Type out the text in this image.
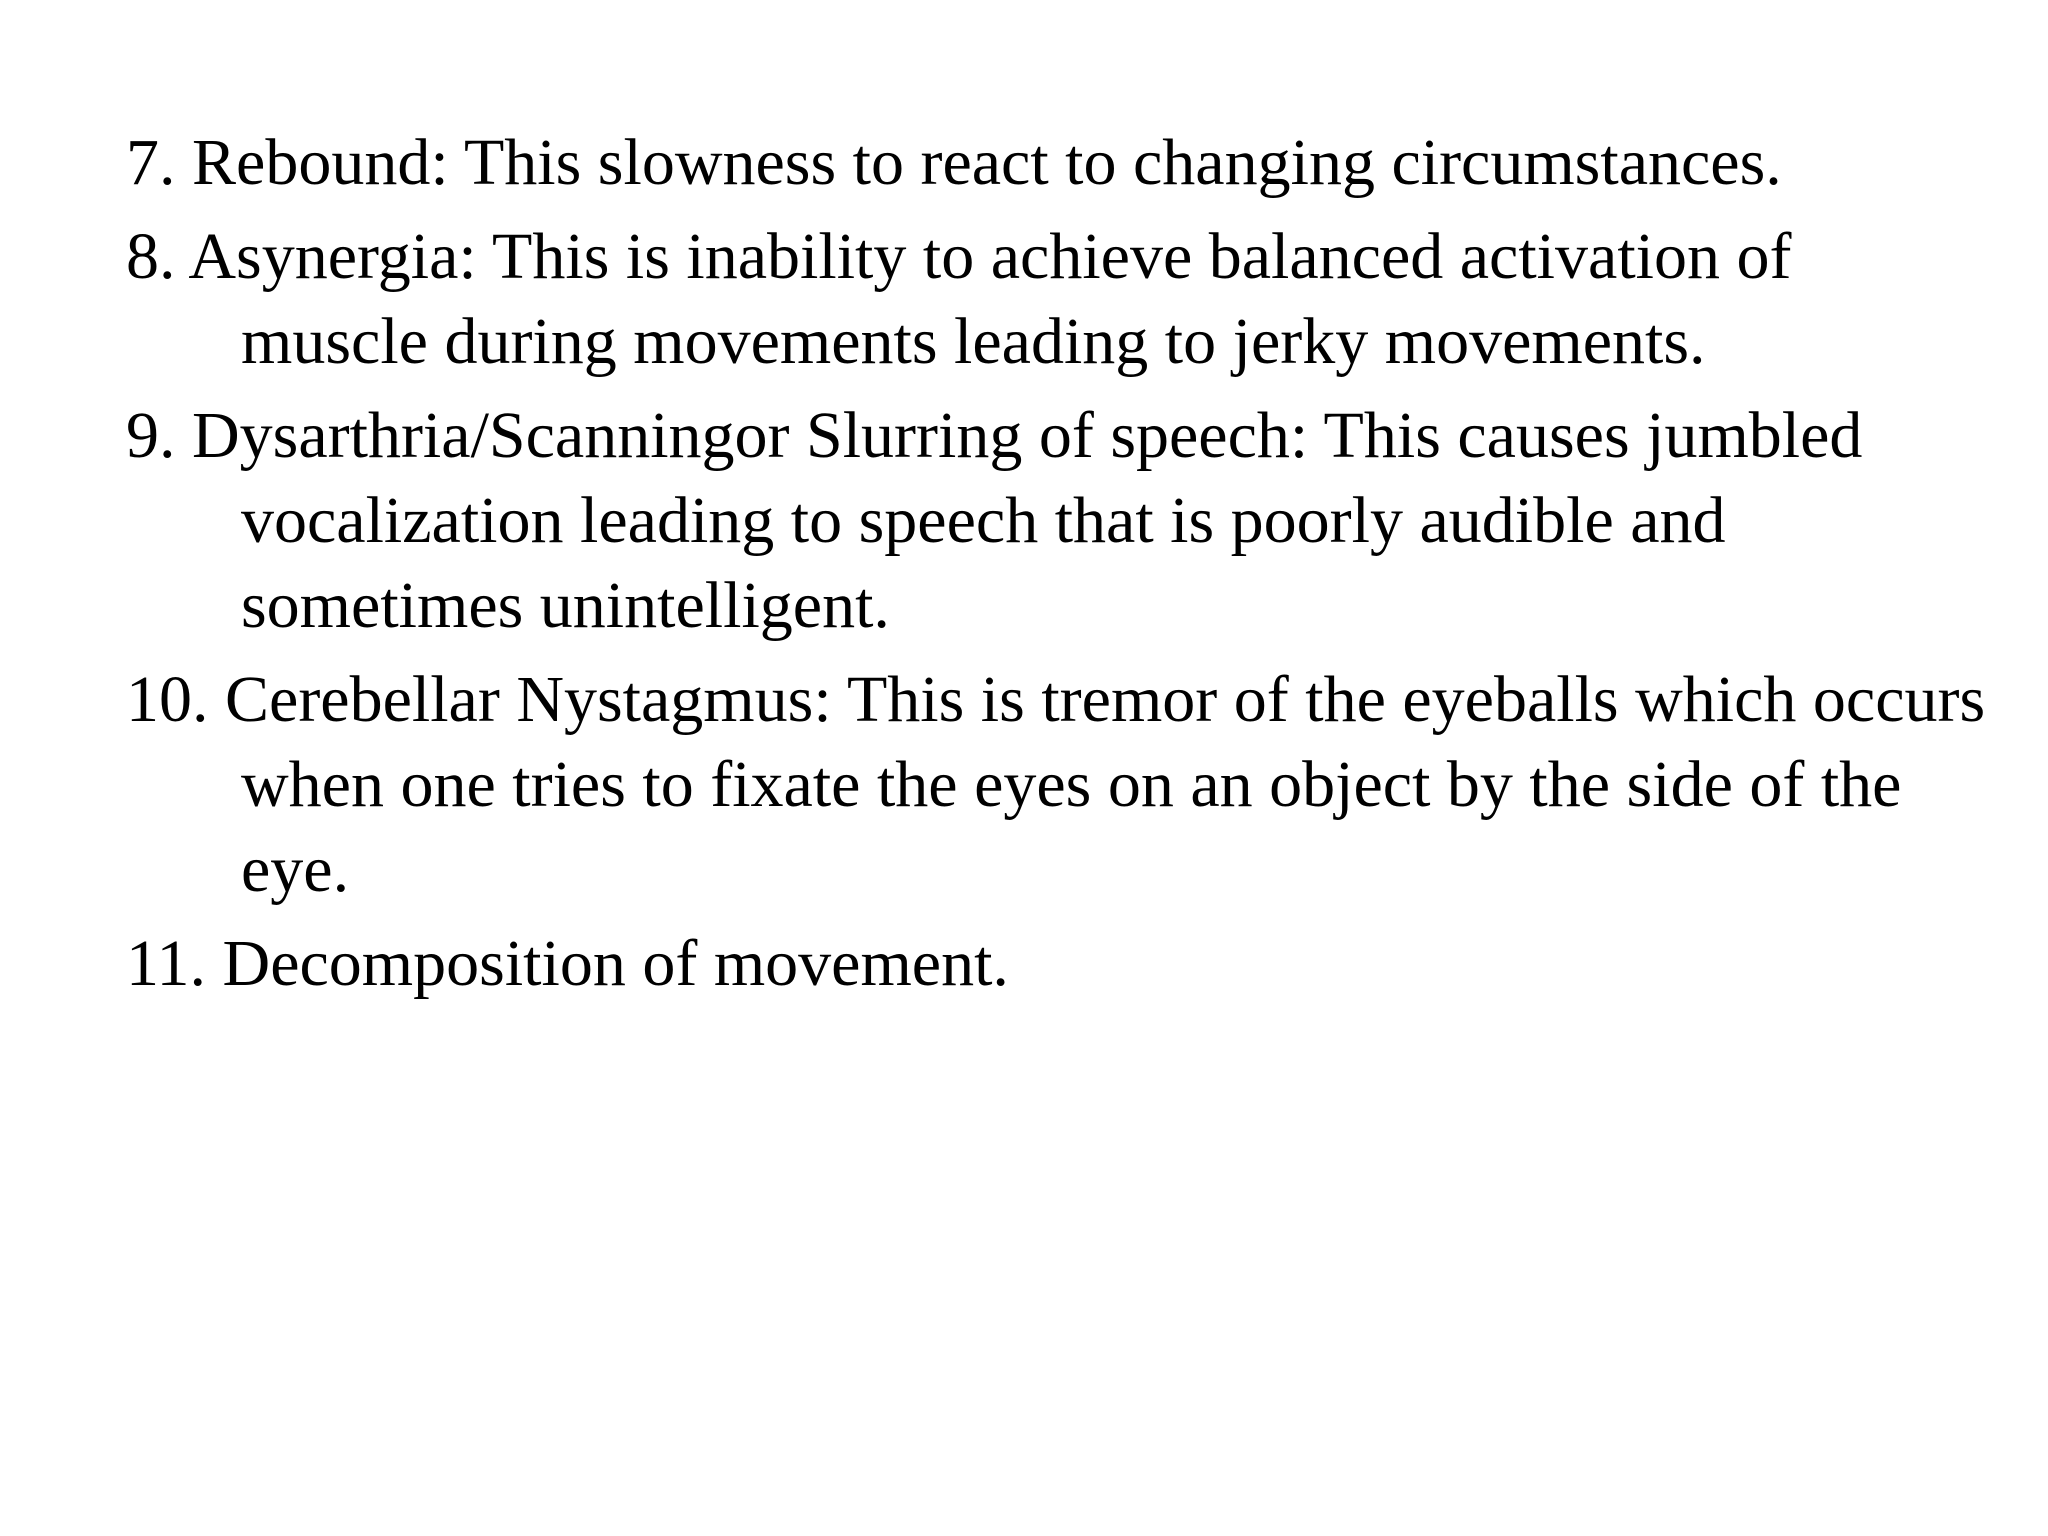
7. Rebound: This slowness to react to changing circumstances.
8. Asynergia: This is inability to achieve balanced activation of muscle during movements leading to jerky movements.
9. Dysarthria/Scanningor Slurring of speech: This causes jumbled vocalization leading to speech that is poorly audible and sometimes unintelligent.
10. Cerebellar Nystagmus: This is tremor of the eyeballs which occurs when one tries to fixate the eyes on an object by the side of the eye.
11. Decomposition of movement.
